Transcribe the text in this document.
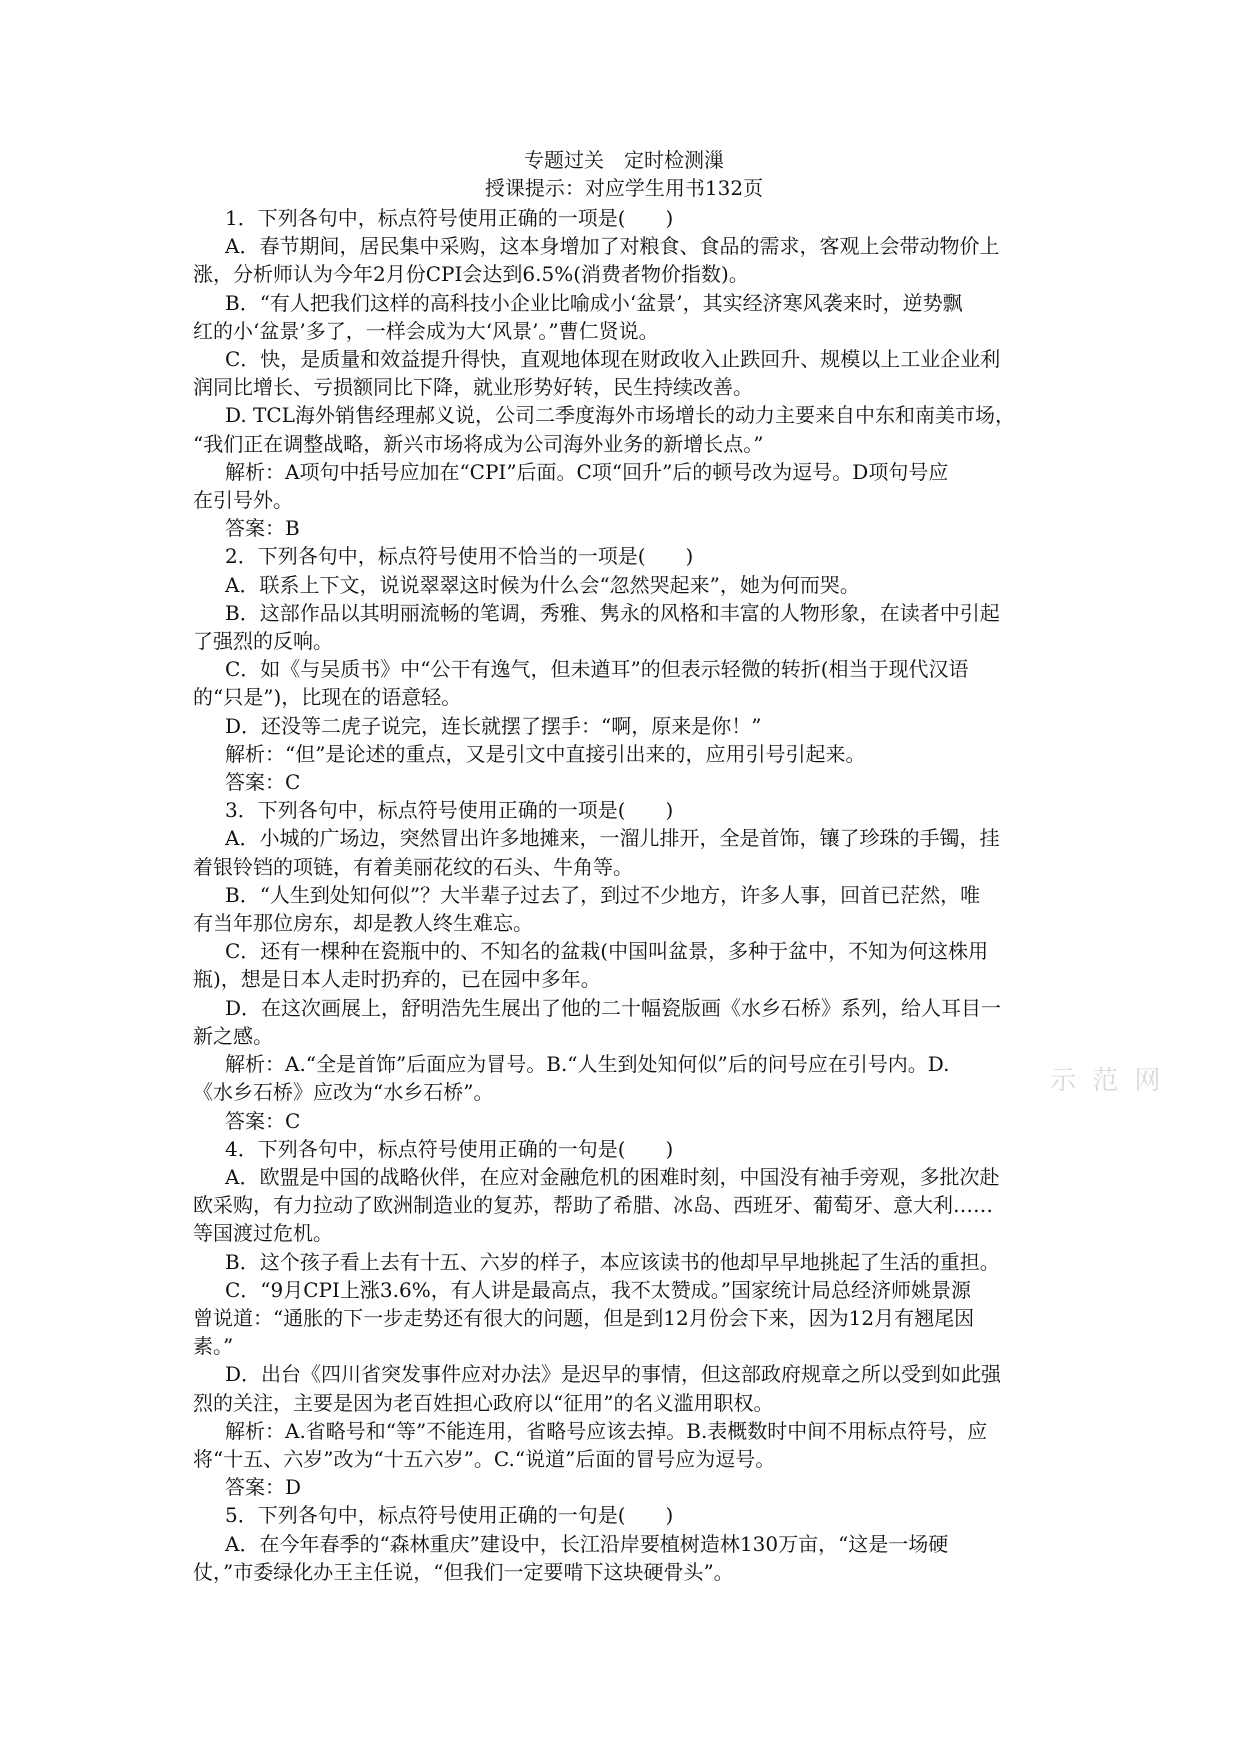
示 范 网

专题过关　定时检测漅

授课提示：对应学生用书132页

1．下列各句中，标点符号使用正确的一项是(　　)

A．春节期间，居民集中采购，这本身增加了对粮食、食品的需求，客观上会带动物价上

涨，分析师认为今年2月份CPI会达到6.5%(消费者物价指数)。

B．“有人把我们这样的高科技小企业比喻成小‘盆景’，其实经济寒风袭来时，逆势飘

红的小‘盆景’多了，一样会成为大‘风景’。”曹仁贤说。

C．快，是质量和效益提升得快，直观地体现在财政收入止跌回升、规模以上工业企业利

润同比增长、亏损额同比下降，就业形势好转，民生持续改善。

D. TCL海外销售经理郝义说，公司二季度海外市场增长的动力主要来自中东和南美市场，

“我们正在调整战略，新兴市场将成为公司海外业务的新增长点。”

解析：A项句中括号应加在“CPI”后面。C项“回升”后的顿号改为逗号。D项句号应

在引号外。

答案：B

2．下列各句中，标点符号使用不恰当的一项是(　　)

A．联系上下文，说说翠翠这时候为什么会“忽然哭起来”，她为何而哭。

B．这部作品以其明丽流畅的笔调，秀雅、隽永的风格和丰富的人物形象，在读者中引起

了强烈的反响。

C．如《与吴质书》中“公干有逸气，但未遒耳”的但表示轻微的转折(相当于现代汉语

的“只是”)，比现在的语意轻。

D．还没等二虎子说完，连长就摆了摆手：“啊，原来是你！”

解析：“但”是论述的重点，又是引文中直接引出来的，应用引号引起来。

答案：C

3．下列各句中，标点符号使用正确的一项是(　　)

A．小城的广场边，突然冒出许多地摊来，一溜儿排开，全是首饰，镶了珍珠的手镯，挂

着银铃铛的项链，有着美丽花纹的石头、牛角等。

B．“人生到处知何似”？大半辈子过去了，到过不少地方，许多人事，回首已茫然，唯

有当年那位房东，却是教人终生难忘。

C．还有一棵种在瓷瓶中的、不知名的盆栽(中国叫盆景，多种于盆中，不知为何这株用

瓶)，想是日本人走时扔弃的，已在园中多年。

D．在这次画展上，舒明浩先生展出了他的二十幅瓷版画《水乡石桥》系列，给人耳目一

新之感。

解析：A.“全是首饰”后面应为冒号。B.“人生到处知何似”后的问号应在引号内。D.

《水乡石桥》应改为“水乡石桥”。

答案：C

4．下列各句中，标点符号使用正确的一句是(　　)

A．欧盟是中国的战略伙伴，在应对金融危机的困难时刻，中国没有袖手旁观，多批次赴

欧采购，有力拉动了欧洲制造业的复苏，帮助了希腊、冰岛、西班牙、葡萄牙、意大利……

等国渡过危机。

B．这个孩子看上去有十五、六岁的样子，本应该读书的他却早早地挑起了生活的重担。

C．“9月CPI上涨3.6%，有人讲是最高点，我不太赞成。”国家统计局总经济师姚景源

曾说道：“通胀的下一步走势还有很大的问题，但是到12月份会下来，因为12月有翘尾因

素。”

D．出台《四川省突发事件应对办法》是迟早的事情，但这部政府规章之所以受到如此强

烈的关注，主要是因为老百姓担心政府以“征用”的名义滥用职权。

解析：A.省略号和“等”不能连用，省略号应该去掉。B.表概数时中间不用标点符号，应

将“十五、六岁”改为“十五六岁”。C.“说道”后面的冒号应为逗号。

答案：D

5．下列各句中，标点符号使用正确的一句是(　　)

A．在今年春季的“森林重庆”建设中，长江沿岸要植树造林130万亩，“这是一场硬

仗，”市委绿化办王主任说，“但我们一定要啃下这块硬骨头”。
